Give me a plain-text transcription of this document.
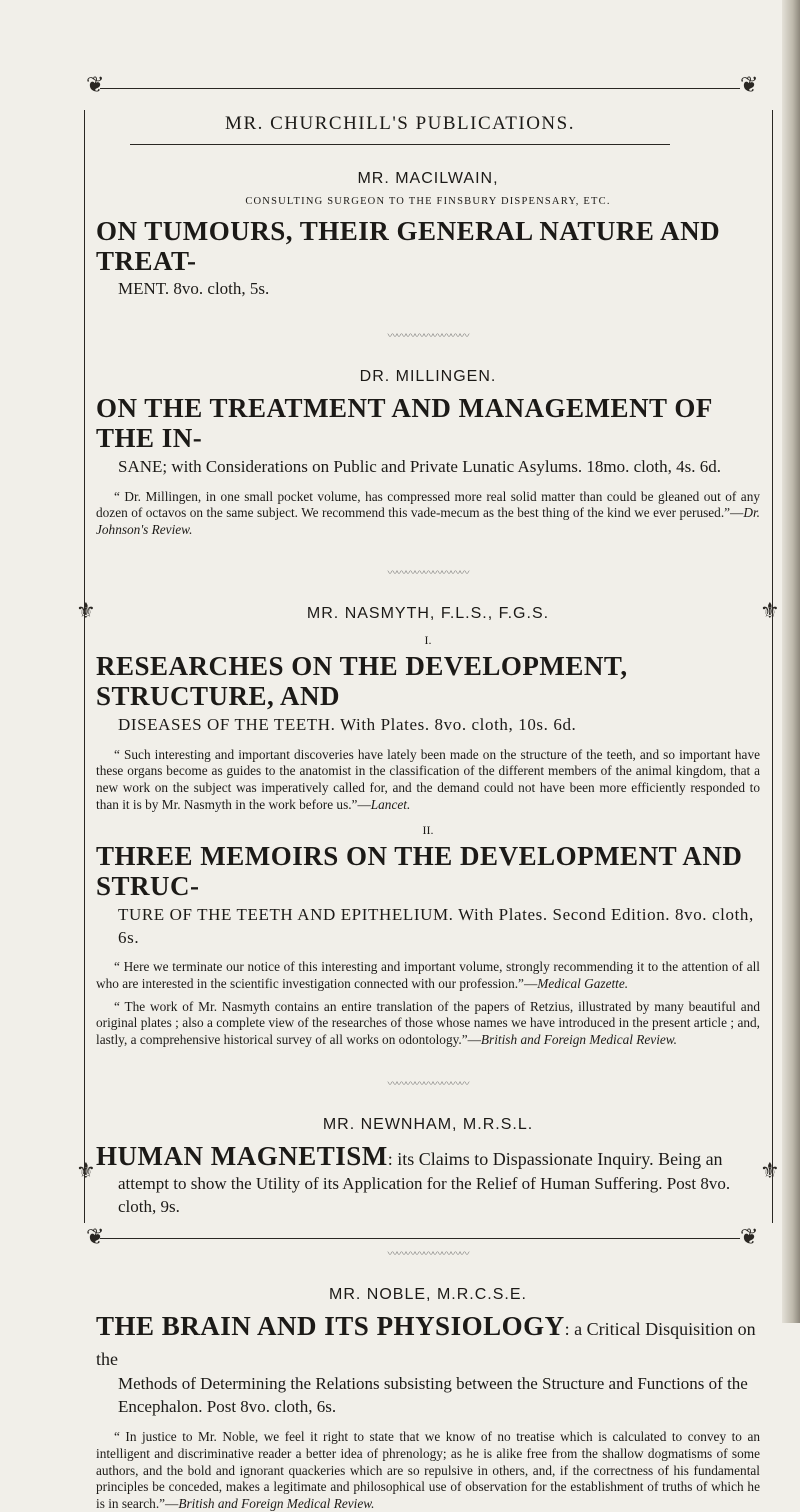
❦	❦
❦	❦
⚜	⚜
⚜	⚜
MR. CHURCHILL'S PUBLICATIONS.

MR. MACILWAIN,

CONSULTING SURGEON TO THE FINSBURY DISPENSARY, ETC.

ON TUMOURS, THEIR GENERAL NATURE AND TREAT-

MENT. 8vo. cloth, 5s.

〰〰〰〰〰〰〰〰〰

DR. MILLINGEN.

ON THE TREATMENT AND MANAGEMENT OF THE IN-

SANE; with Considerations on Public and Private Lunatic Asylums. 18mo. cloth, 4s. 6d.

“ Dr. Millingen, in one small pocket volume, has compressed more real solid matter than could be gleaned out of any dozen of octavos on the same subject. We recommend this vade-mecum as the best thing of the kind we ever perused.”—Dr. Johnson's Review.

〰〰〰〰〰〰〰〰〰

MR. NASMYTH, F.L.S., F.G.S.

I.

RESEARCHES ON THE DEVELOPMENT, STRUCTURE, AND

DISEASES OF THE TEETH. With Plates. 8vo. cloth, 10s. 6d.

“ Such interesting and important discoveries have lately been made on the structure of the teeth, and so important have these organs become as guides to the anatomist in the classification of the different members of the animal kingdom, that a new work on the subject was imperatively called for, and the demand could not have been more efficiently responded to than it is by Mr. Nasmyth in the work before us.”—Lancet.

II.

THREE MEMOIRS ON THE DEVELOPMENT AND STRUC-

TURE OF THE TEETH AND EPITHELIUM. With Plates. Second Edition. 8vo. cloth, 6s.

“ Here we terminate our notice of this interesting and important volume, strongly recommending it to the attention of all who are interested in the scientific investigation connected with our profession.”—Medical Gazette.

“ The work of Mr. Nasmyth contains an entire translation of the papers of Retzius, illustrated by many beautiful and original plates ; also a complete view of the researches of those whose names we have introduced in the present article ; and, lastly, a comprehensive historical survey of all works on odontology.”—British and Foreign Medical Review.

〰〰〰〰〰〰〰〰〰

MR. NEWNHAM, M.R.S.L.

HUMAN MAGNETISM: its Claims to Dispassionate Inquiry. Being an

attempt to show the Utility of its Application for the Relief of Human Suffering. Post 8vo. cloth, 9s.

〰〰〰〰〰〰〰〰〰

MR. NOBLE, M.R.C.S.E.

THE BRAIN AND ITS PHYSIOLOGY: a Critical Disquisition on the

Methods of Determining the Relations subsisting between the Structure and Functions of the Encephalon. Post 8vo. cloth, 6s.

“ In justice to Mr. Noble, we feel it right to state that we know of no treatise which is calculated to convey to an intelligent and discriminative reader a better idea of phrenology; as he is alike free from the shallow dogmatisms of some authors, and the bold and ignorant quackeries which are so repulsive in others, and, if the correctness of his fundamental principles be conceded, makes a legitimate and philosophical use of observation for the establishment of truths of which he is in search.”—British and Foreign Medical Review.
